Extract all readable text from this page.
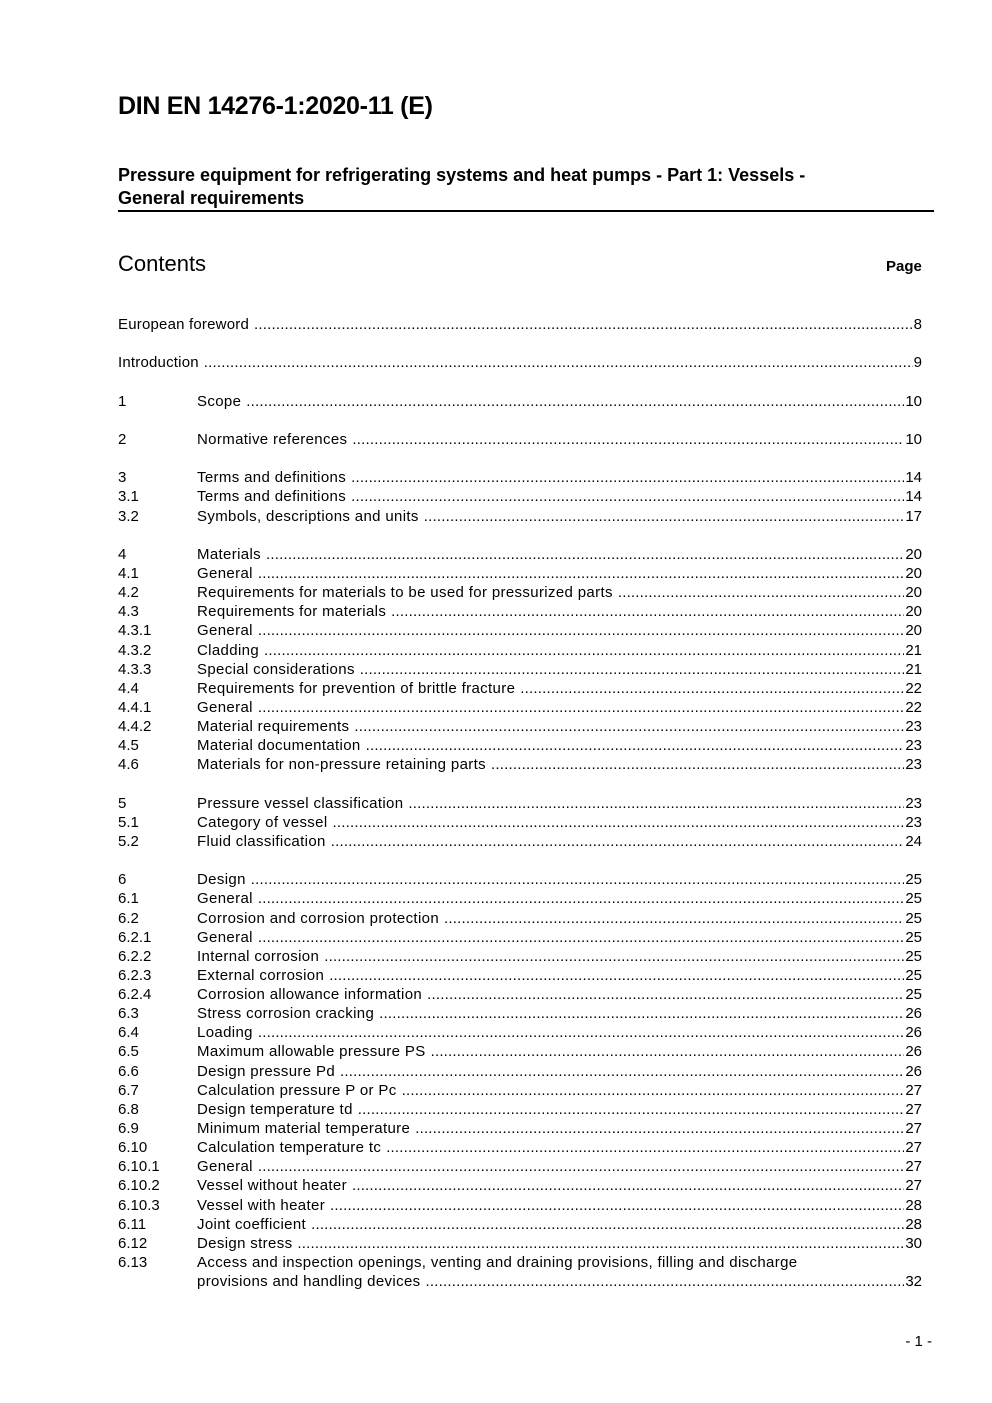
DIN EN 14276-1:2020-11 (E)
Pressure equipment for refrigerating systems and heat pumps - Part 1: Vessels -
General requirements
Contents	Page
European foreword .....	8
Introduction .....	9
1	Scope .....	10
2	Normative references .....	10
3	Terms and definitions .....	14
3.1	Terms and definitions .....	14
3.2	Symbols, descriptions and units .....	17
4	Materials .....	20
4.1	General .....	20
4.2	Requirements for materials to be used for pressurized parts .....	20
4.3	Requirements for materials .....	20
4.3.1	General .....	20
4.3.2	Cladding .....	21
4.3.3	Special considerations .....	21
4.4	Requirements for prevention of brittle fracture .....	22
4.4.1	General .....	22
4.4.2	Material requirements .....	23
4.5	Material documentation .....	23
4.6	Materials for non-pressure retaining parts .....	23
5	Pressure vessel classification .....	23
5.1	Category of vessel .....	23
5.2	Fluid classification .....	24
6	Design .....	25
6.1	General .....	25
6.2	Corrosion and corrosion protection .....	25
6.2.1	General .....	25
6.2.2	Internal corrosion .....	25
6.2.3	External corrosion .....	25
6.2.4	Corrosion allowance information .....	25
6.3	Stress corrosion cracking .....	26
6.4	Loading .....	26
6.5	Maximum allowable pressure PS .....	26
6.6	Design pressure Pd .....	26
6.7	Calculation pressure P or Pc .....	27
6.8	Design temperature td .....	27
6.9	Minimum material temperature .....	27
6.10	Calculation temperature tc .....	27
6.10.1	General .....	27
6.10.2	Vessel without heater .....	27
6.10.3	Vessel with heater .....	28
6.11	Joint coefficient .....	28
6.12	Design stress .....	30
6.13	Access and inspection openings, venting and draining provisions, filling and discharge
provisions and handling devices .....	32
- 1 -
